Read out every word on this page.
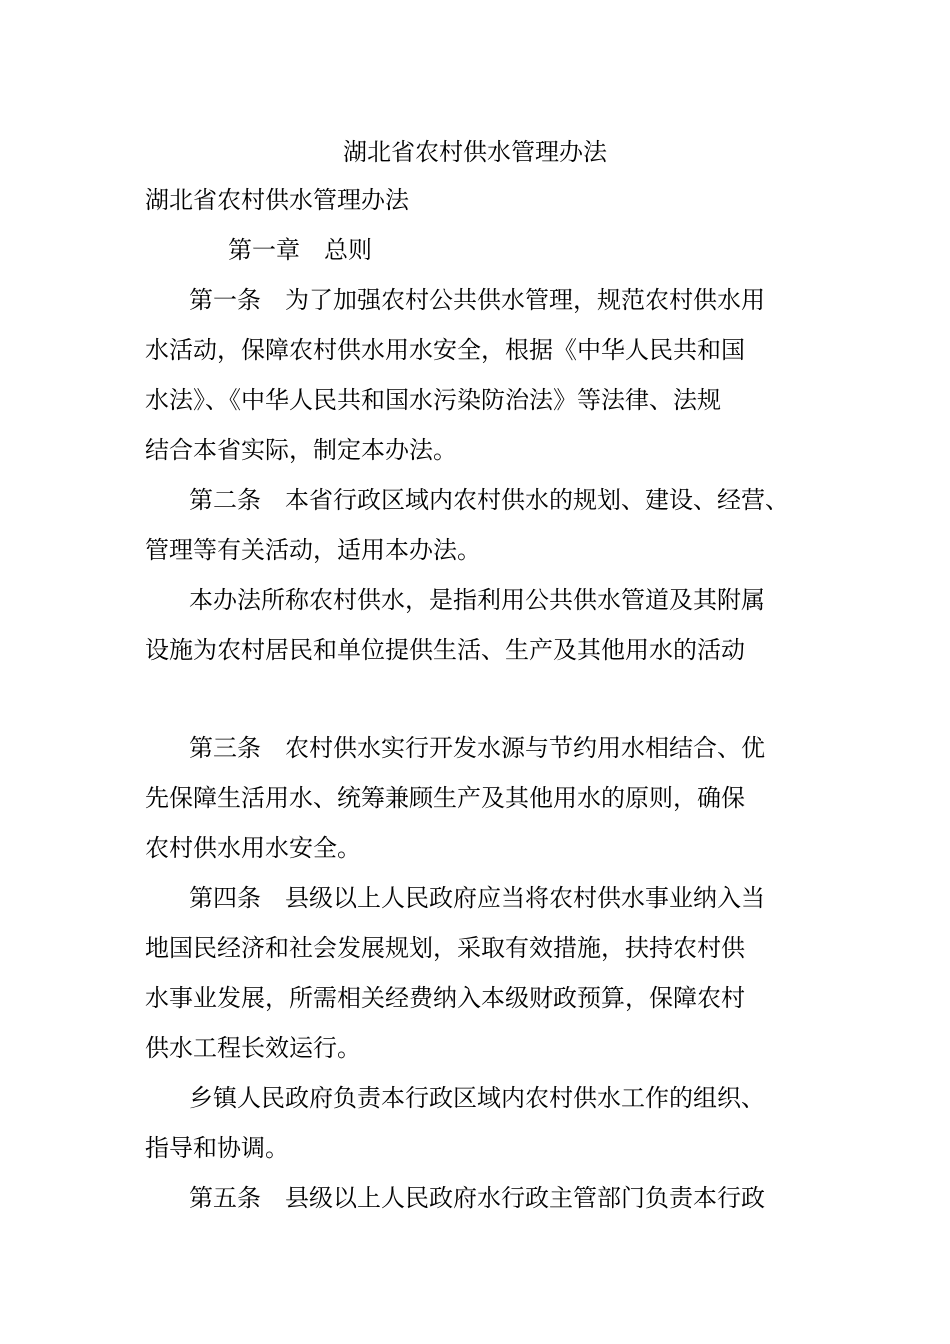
湖北省农村供水管理办法
湖北省农村供水管理办法
第一章 总则
第一条　为了加强农村公共供水管理，规范农村供水用
水活动，保障农村供水用水安全，根据《中华人民共和国
水法》、《中华人民共和国水污染防治法》等法律、法规
结合本省实际，制定本办法。
第二条　本省行政区域内农村供水的规划、建设、经营、
管理等有关活动，适用本办法。
本办法所称农村供水，是指利用公共供水管道及其附属
设施为农村居民和单位提供生活、生产及其他用水的活动
第三条　农村供水实行开发水源与节约用水相结合、优
先保障生活用水、统筹兼顾生产及其他用水的原则，确保
农村供水用水安全。
第四条　县级以上人民政府应当将农村供水事业纳入当
地国民经济和社会发展规划，采取有效措施，扶持农村供
水事业发展，所需相关经费纳入本级财政预算，保障农村
供水工程长效运行。
乡镇人民政府负责本行政区域内农村供水工作的组织、
指导和协调。
第五条　县级以上人民政府水行政主管部门负责本行政
